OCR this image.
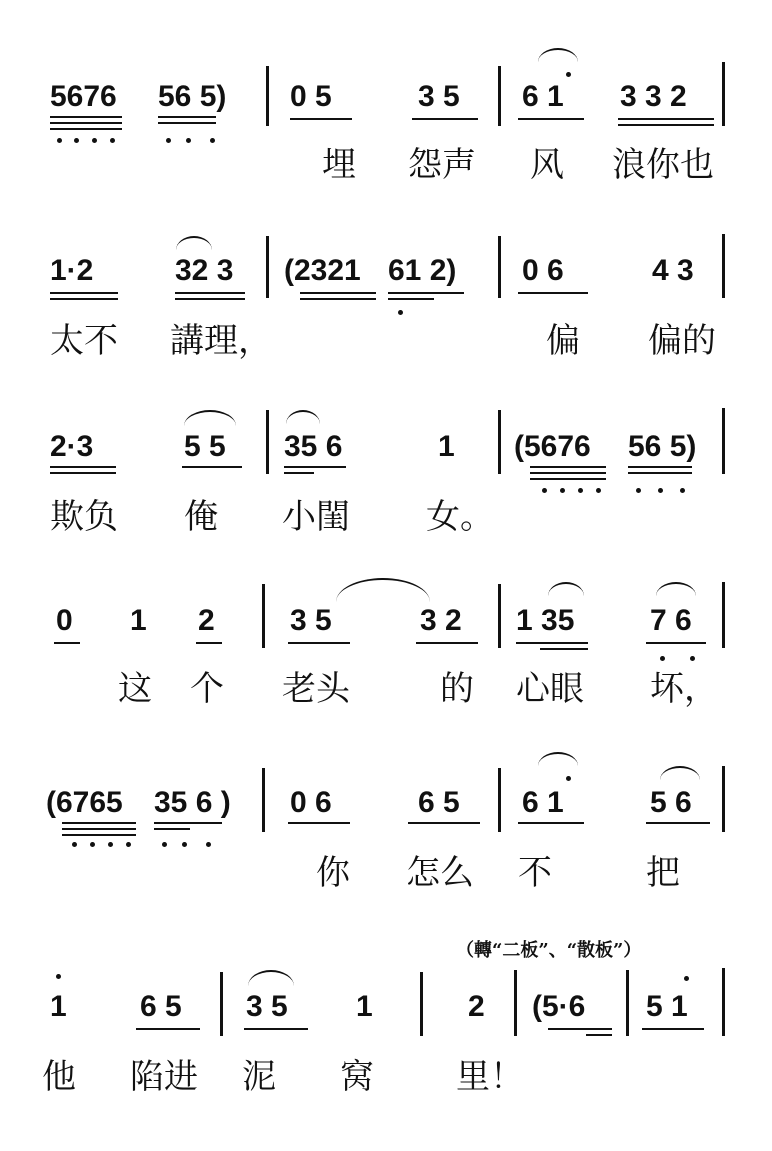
5676 56 5) 0 5	3 5 6 1 3 3 2
埋 怨声 风 浪你也
1·2	32 3 (2321 61 2) 0 6	4 3
太不 講理，	偏 偏的
2·3	5 5 35 6	1 (5676 56 5)
欺负 俺 小閨 女。
0 1 2	3 5	3 2 1 35	7 6
这 个 老头	的 心眼 坏，
(6765 35 6 ) 0 6	6 5 6 1	5 6
你 怎么 不	把
（轉“二板”、“散板”）
1 6 5 3 5 1	2 (5·6 5 1
他 陷进 泥 窝 里！
